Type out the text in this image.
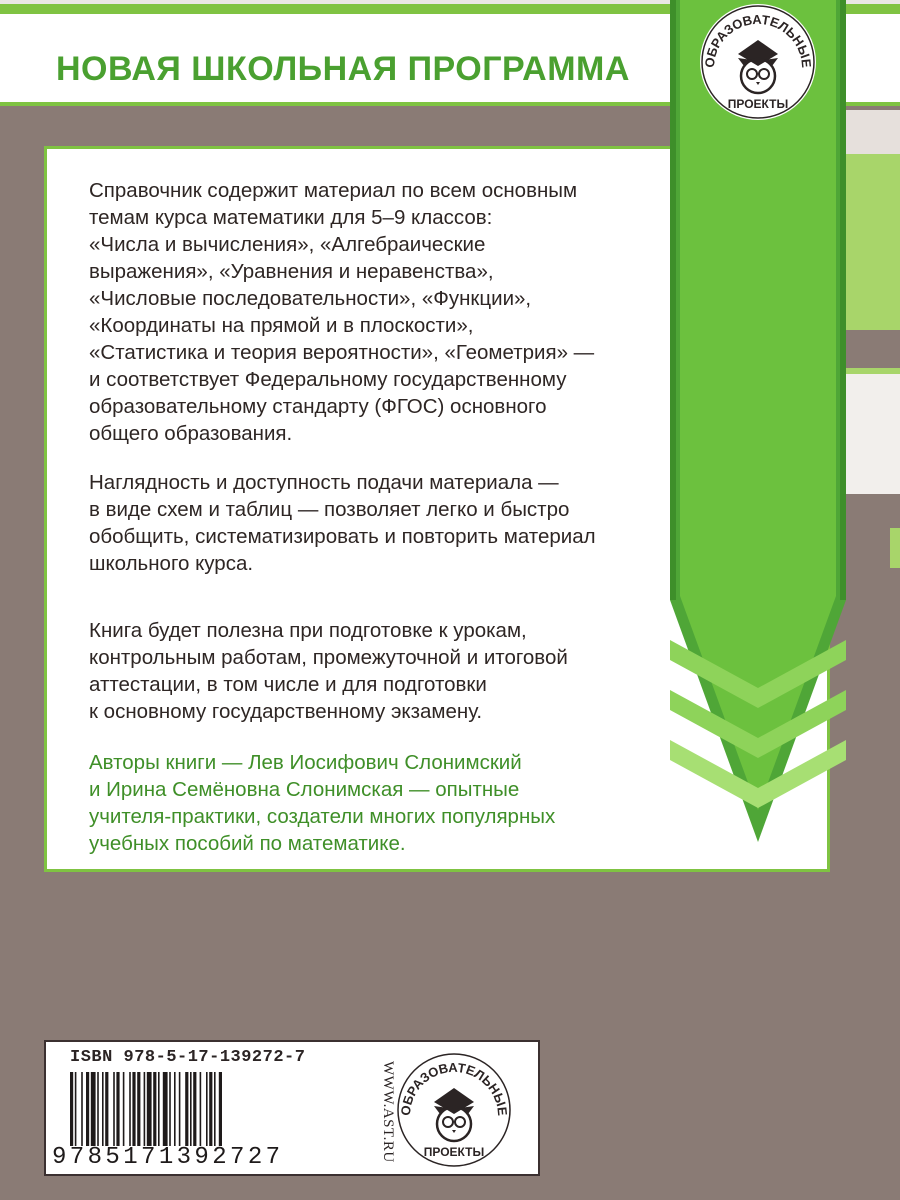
НОВАЯ ШКОЛЬНАЯ ПРОГРАММА

Справочник содержит материал по всем основным
темам курса математики для 5–9 классов:
«Числа и вычисления», «Алгебраические
выражения», «Уравнения и неравенства»,
«Числовые последовательности», «Функции»,
«Координаты на прямой и в плоскости»,
«Статистика и теория вероятности», «Геометрия» —
и соответствует Федеральному государственному
образовательному стандарту (ФГОС) основного
общего образования.

Наглядность и доступность подачи материала —
в виде схем и таблиц — позволяет легко и быстро
обобщить, систематизировать и повторить материал
школьного курса.

Книга будет полезна при подготовке к урокам,
контрольным работам, промежуточной и итоговой
аттестации, в том числе и для подготовки
к основному государственному экзамену.

Авторы книги — Лев Иосифович Слонимский
и Ирина Семёновна Слонимская — опытные
учителя-практики, создатели многих популярных
учебных пособий по математике.

ОБРАЗОВАТЕЛЬНЫЕ
ПРОЕКТЫ
ISBN 978-5-17-139272-7
9785171392727	WWW.AST.RU ОБРАЗОВАТЕЛЬНЫЕ
ПРОЕКТЫ
